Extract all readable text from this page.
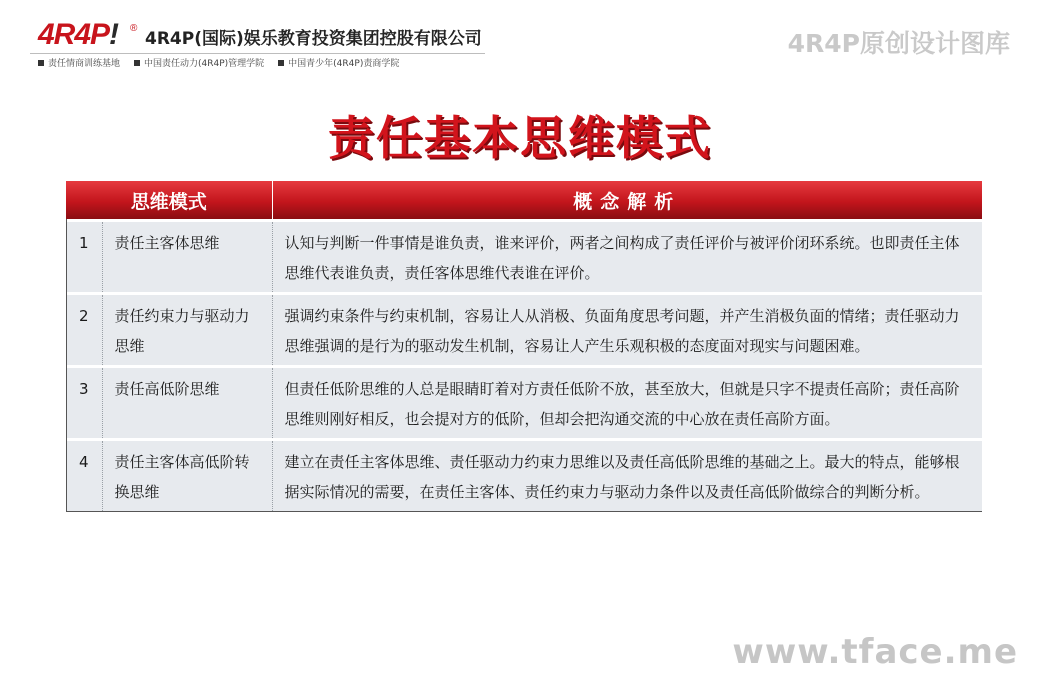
4R4P! ®
4R4P(国际)娱乐教育投资集团控股有限公司
责任情商训练基地	中国责任动力(4R4P)管理学院	中国青少年(4R4P)责商学院
4R4P原创设计图库
责任基本思维模式
思维模式		概念解析
1	责任主客体思维	认知与判断一件事情是谁负责，谁来评价，两者之间构成了责任评价与被评价闭环系统。也即责任主体思维代表谁负责，责任客体思维代表谁在评价。
2	责任约束力与驱动力思维	强调约束条件与约束机制，容易让人从消极、负面角度思考问题，并产生消极负面的情绪；责任驱动力思维强调的是行为的驱动发生机制，容易让人产生乐观积极的态度面对现实与问题困难。
3	责任高低阶思维	但责任低阶思维的人总是眼睛盯着对方责任低阶不放，甚至放大，但就是只字不提责任高阶；责任高阶思维则刚好相反，也会提对方的低阶，但却会把沟通交流的中心放在责任高阶方面。
4	责任主客体高低阶转换思维	建立在责任主客体思维、责任驱动力约束力思维以及责任高低阶思维的基础之上。最大的特点，能够根据实际情况的需要，在责任主客体、责任约束力与驱动力条件以及责任高低阶做综合的判断分析。
www.tface.me
